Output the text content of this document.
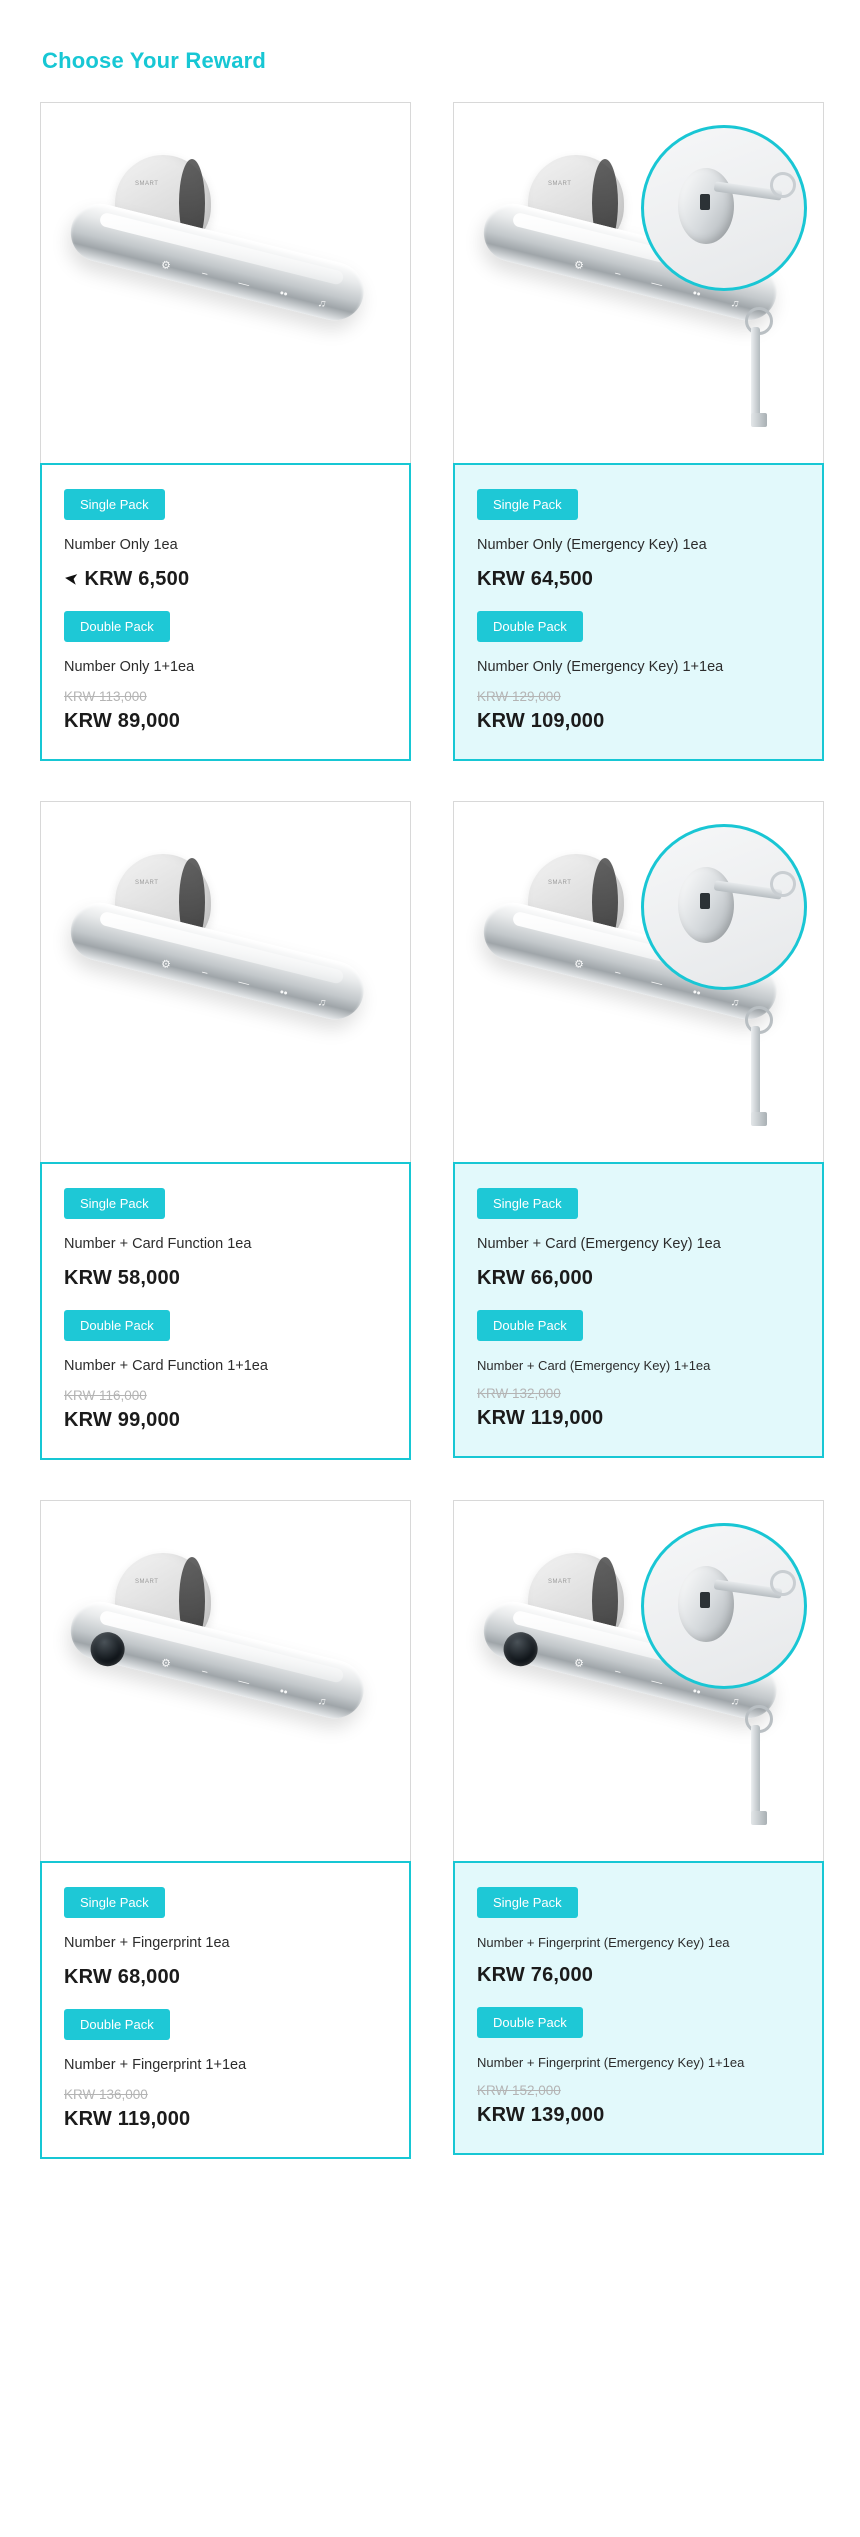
Choose Your Reward
SMART
⚙
−
—
••
♫
Single Pack
Number Only 1ea
➤ KRW 6,500
Double Pack
Number Only 1+1ea
KRW 113,000
KRW 89,000
SMART
⚙
−
—
••
♫
Single Pack
Number Only (Emergency Key) 1ea
KRW 64,500
Double Pack
Number Only (Emergency Key) 1+1ea
KRW 129,000
KRW 109,000
SMART
⚙
−
—
••
♫
Single Pack
Number + Card Function 1ea
KRW 58,000
Double Pack
Number + Card Function 1+1ea
KRW 116,000
KRW 99,000
SMART
⚙
−
—
••
♫
Single Pack
Number + Card (Emergency Key) 1ea
KRW 66,000
Double Pack
Number + Card (Emergency Key) 1+1ea
KRW 132,000
KRW 119,000
SMART
⚙
−
—
••
♫
Single Pack
Number + Fingerprint 1ea
KRW 68,000
Double Pack
Number + Fingerprint 1+1ea
KRW 136,000
KRW 119,000
SMART
⚙
−
—
••
♫
Single Pack
Number + Fingerprint (Emergency Key) 1ea
KRW 76,000
Double Pack
Number + Fingerprint (Emergency Key) 1+1ea
KRW 152,000
KRW 139,000
